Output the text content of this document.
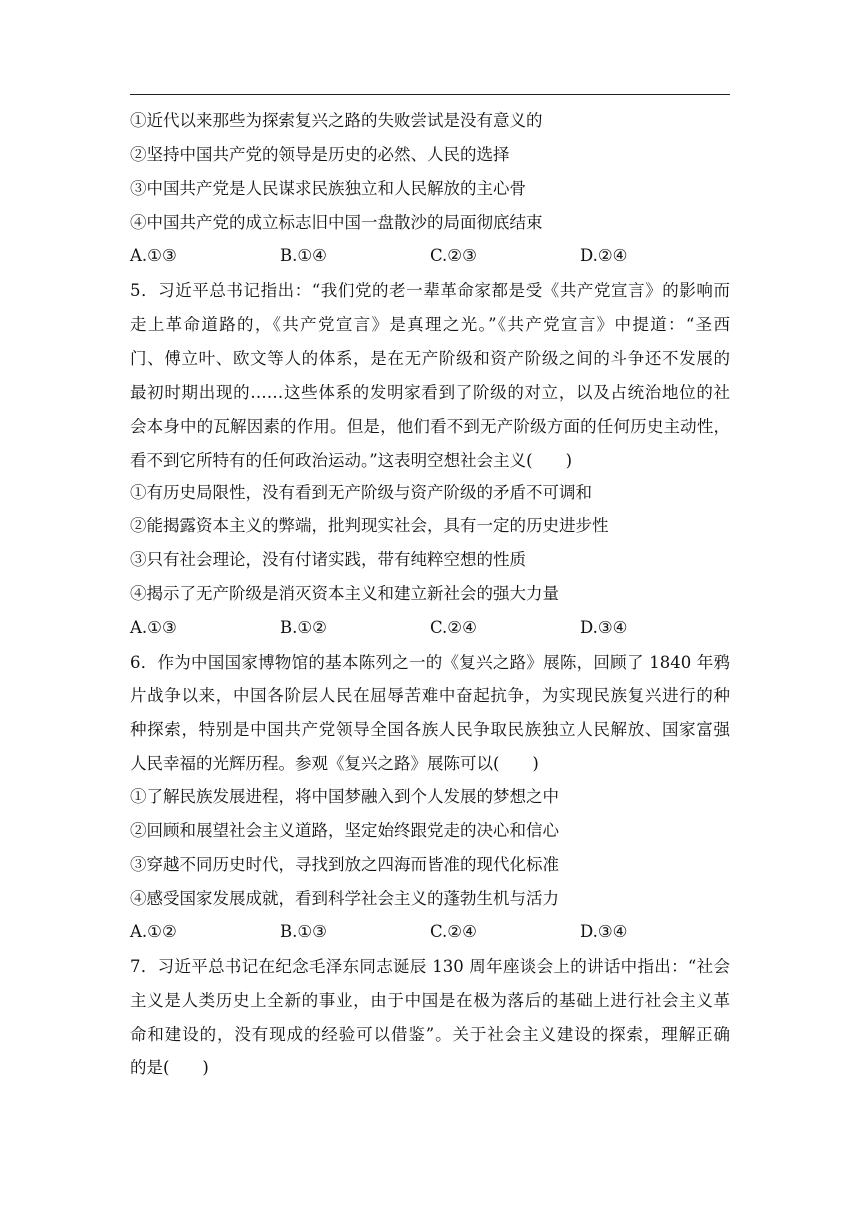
①近代以来那些为探索复兴之路的失败尝试是没有意义的

②坚持中国共产党的领导是历史的必然、人民的选择

③中国共产党是人民谋求民族独立和人民解放的主心骨

④中国共产党的成立标志旧中国一盘散沙的局面彻底结束

A.①③	B.①④	C.②③	D.②④

5．习近平总书记指出：“我们党的老一辈革命家都是受《共产党宣言》的影响而

走上革命道路的，《共产党宣言》是真理之光。”《共产党宣言》中提道：“圣西

门、傅立叶、欧文等人的体系，是在无产阶级和资产阶级之间的斗争还不发展的

最初时期出现的……这些体系的发明家看到了阶级的对立，以及占统治地位的社

会本身中的瓦解因素的作用。但是，他们看不到无产阶级方面的任何历史主动性，

看不到它所特有的任何政治运动。”这表明空想社会主义(　　)

①有历史局限性，没有看到无产阶级与资产阶级的矛盾不可调和

②能揭露资本主义的弊端，批判现实社会，具有一定的历史进步性

③只有社会理论，没有付诸实践，带有纯粹空想的性质

④揭示了无产阶级是消灭资本主义和建立新社会的强大力量

A.①③	B.①②	C.②④	D.③④

6．作为中国国家博物馆的基本陈列之一的《复兴之路》展陈，回顾了 1840 年鸦

片战争以来，中国各阶层人民在屈辱苦难中奋起抗争，为实现民族复兴进行的种

种探索，特别是中国共产党领导全国各族人民争取民族独立人民解放、国家富强

人民幸福的光辉历程。参观《复兴之路》展陈可以(　　)

①了解民族发展进程，将中国梦融入到个人发展的梦想之中

②回顾和展望社会主义道路，坚定始终跟党走的决心和信心

③穿越不同历史时代，寻找到放之四海而皆准的现代化标准

④感受国家发展成就，看到科学社会主义的蓬勃生机与活力

A.①②	B.①③	C.②④	D.③④

7．习近平总书记在纪念毛泽东同志诞辰 130 周年座谈会上的讲话中指出：“社会

主义是人类历史上全新的事业，由于中国是在极为落后的基础上进行社会主义革

命和建设的，没有现成的经验可以借鉴”。关于社会主义建设的探索，理解正确

的是(　　)
